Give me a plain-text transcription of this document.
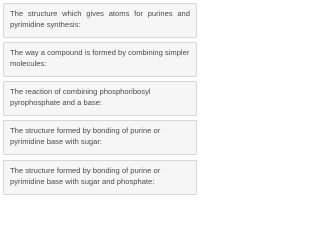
The structure which gives atoms for purines and pyrimidine synthesis:
The way a compound is formed by combining simpler molecules:
The reaction of combining phosphoribosyl pyrophosphate and a base:
The structure formed by bonding of purine or pyrimidine base with sugar:
The structure formed by bonding of purine or pyrimidine base with sugar and phosphate:
